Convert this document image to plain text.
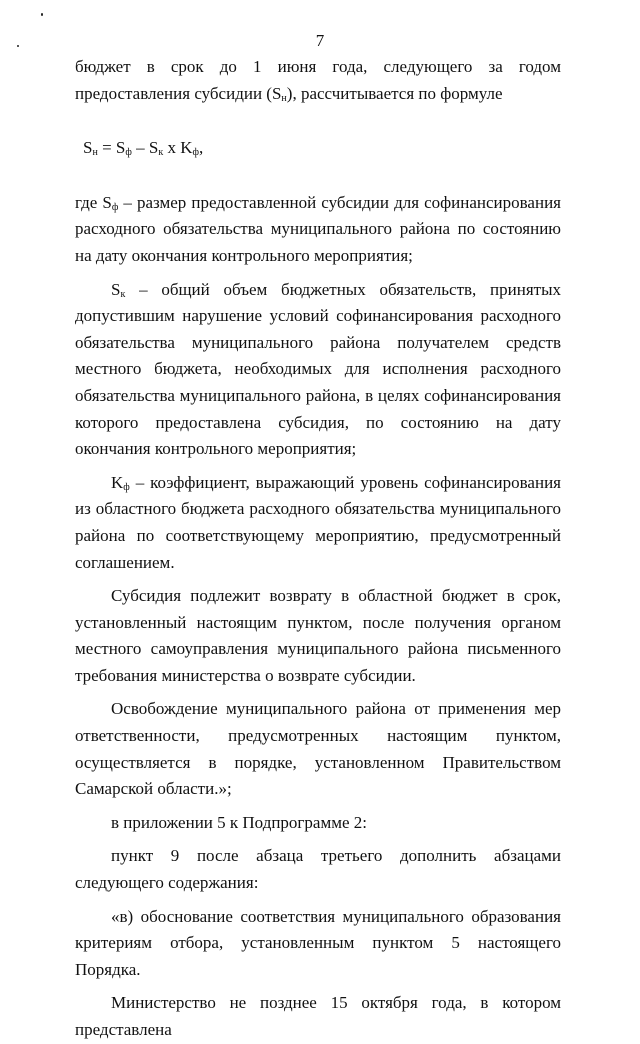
7

бюджет в срок до 1 июня года, следующего за годом предоставления субсидии $(S_н)$, рассчитывается по формуле

$S_н = S_ф - S_к$ x $K_ф$,

где $S_ф$ – размер предоставленной субсидии для софинансирования расходного обязательства муниципального района по состоянию на дату окончания контрольного мероприятия;

$S_к$ – общий объем бюджетных обязательств, принятых допустившим нарушение условий софинансирования расходного обязательства муниципального района получателем средств местного бюджета, необходимых для исполнения расходного обязательства муниципального района, в целях софинансирования которого предоставлена субсидия, по состоянию на дату окончания контрольного мероприятия;

$K_ф$ – коэффициент, выражающий уровень софинансирования из областного бюджета расходного обязательства муниципального района по соответствующему мероприятию, предусмотренный соглашением.

Субсидия подлежит возврату в областной бюджет в срок, установленный настоящим пунктом, после получения органом местного самоуправления муниципального района письменного требования министерства о возврате субсидии.

Освобождение муниципального района от применения мер ответственности, предусмотренных настоящим пунктом, осуществляется в порядке, установленном Правительством Самарской области.»;

в приложении 5 к Подпрограмме 2:

пункт 9 после абзаца третьего дополнить абзацами следующего содержания:

«в) обоснование соответствия муниципального образования критериям отбора, установленным пунктом 5 настоящего Порядка.

Министерство не позднее 15 октября года, в котором представлена
